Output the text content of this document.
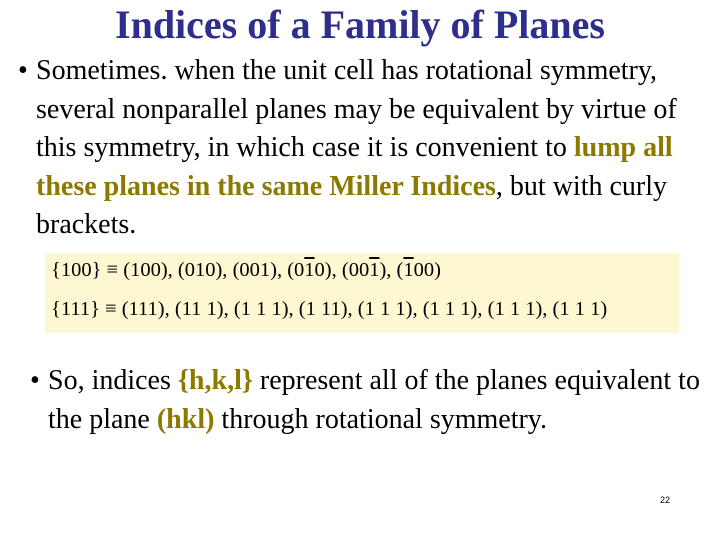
Indices of a Family of Planes
• Sometimes. when the unit cell has rotational symmetry, several nonparallel planes may be equivalent by virtue of this symmetry, in which case it is convenient to lump all these planes in the same Miller Indices, but with curly brackets.
{100} ≡ (100), (010), (001), (010), (001), (100)
{111} ≡ (111), (11 1), (1 1 1), (1 11), (1 1 1), (1 1 1), (1 1 1), (1 1 1)
• So, indices {h,k,l} represent all of the planes equivalent to the plane (hkl) through rotational symmetry.
22
